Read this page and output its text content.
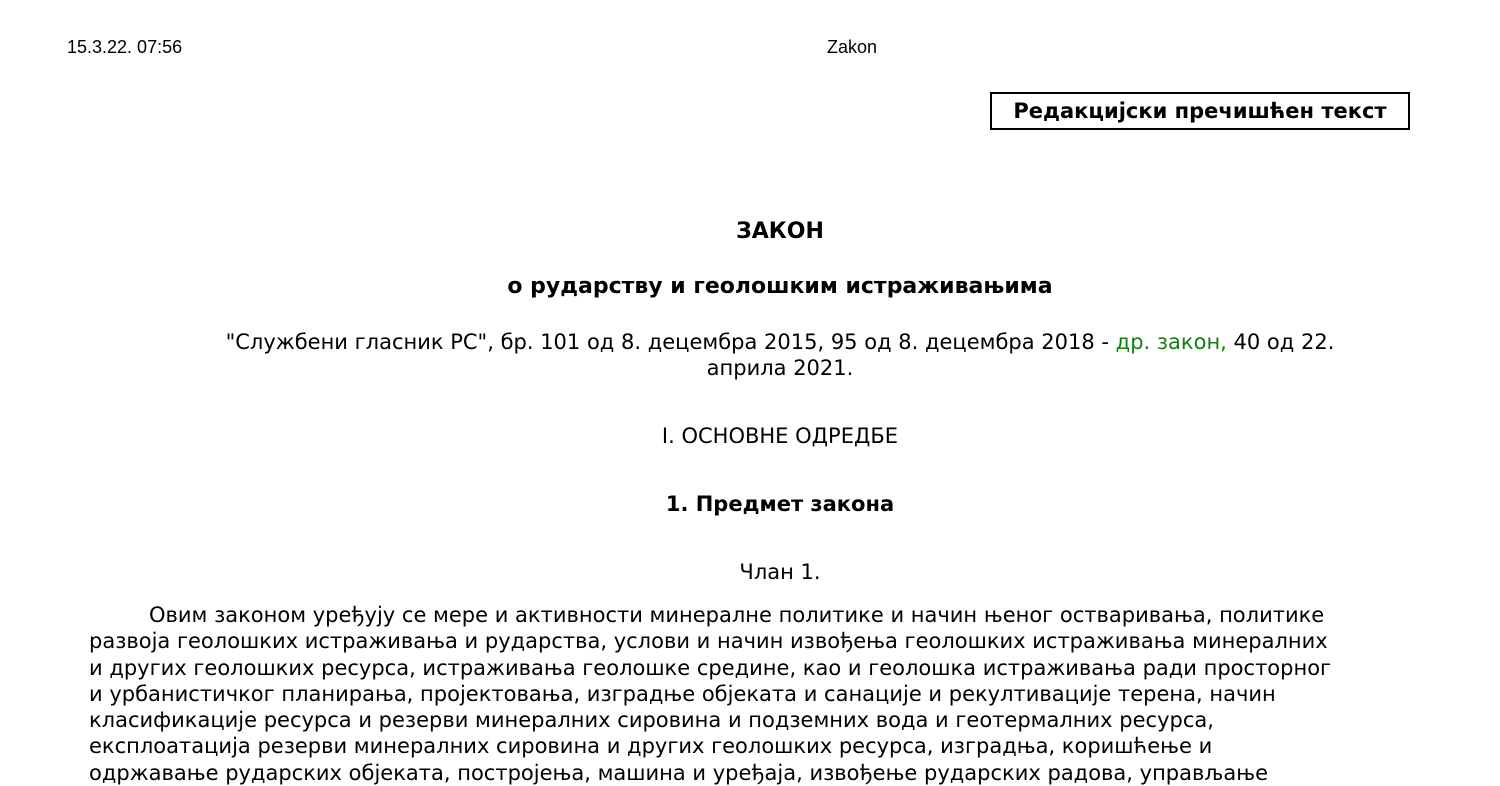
15.3.22. 07:56	Zakon
Редакцијски пречишћен текст
ЗАКОН
о рударству и геолошким истраживањима
"Службени гласник РС", бр. 101 од 8. децембра 2015, 95 од 8. децембра 2018 - др. закон, 40 од 22.
априла 2021.
I. ОСНОВНЕ ОДРЕДБЕ
1. Предмет закона
Члан 1.
Овим законом уређују се мере и активности минералне политике и начин њеног остваривања, политике
развоја геолошких истраживања и рударства, услови и начин извођења геолошких истраживања минералних
и других геолошких ресурса, истраживања геолошке средине, као и геолошка истраживања ради просторног
и урбанистичког планирања, пројектовања, изградње објеката и санације и рекултивације терена, начин
класификације ресурса и резерви минералних сировина и подземних вода и геотермалних ресурса,
експлоатација резерви минералних сировина и других геолошких ресурса, изградња, коришћење и
одржавање рударских објеката, постројења, машина и уређаја, извођење рударских радова, управљање
